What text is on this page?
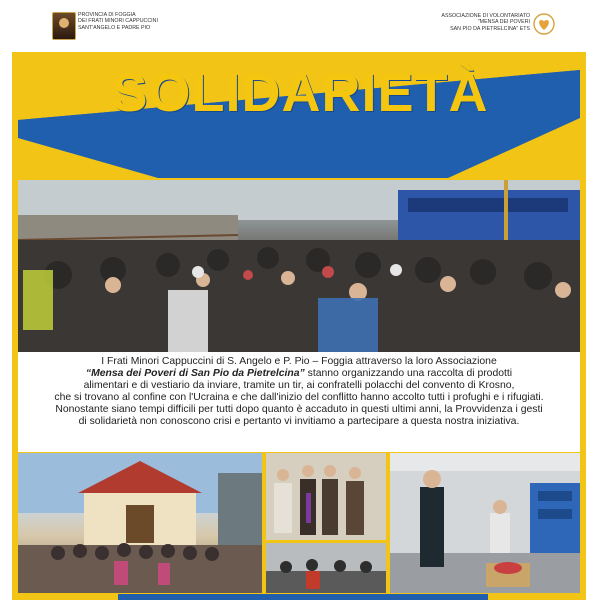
PROVINCIA DI FOGGIA
DEI FRATI MINORI CAPPUCCINI
SANT'ANGELO E PADRE PIO
ASSOCIAZIONE DI VOLONTARIATO
"MENSA DEI POVERI
SAN PIO DA PIETRELCINA" ETS
SOLIDARIETÀ
PER L'UCRAINA
I Frati Minori Cappuccini di S. Angelo e P. Pio – Foggia attraverso la loro Associazione
“Mensa dei Poveri di San Pio da Pietrelcina” stanno organizzando una raccolta di prodotti
alimentari e di vestiario da inviare, tramite un tir, ai confratelli polacchi del convento di Krosno,
che si trovano al confine con l'Ucraina e che dall'inizio del conflitto hanno accolto tutti i profughi e i rifugiati.
Nonostante siano tempi difficili per tutti dopo quanto è accaduto in questi ultimi anni, la Provvidenza i gesti
di solidarietà non conoscono crisi e pertanto vi invitiamo a partecipare a questa nostra iniziativa.
